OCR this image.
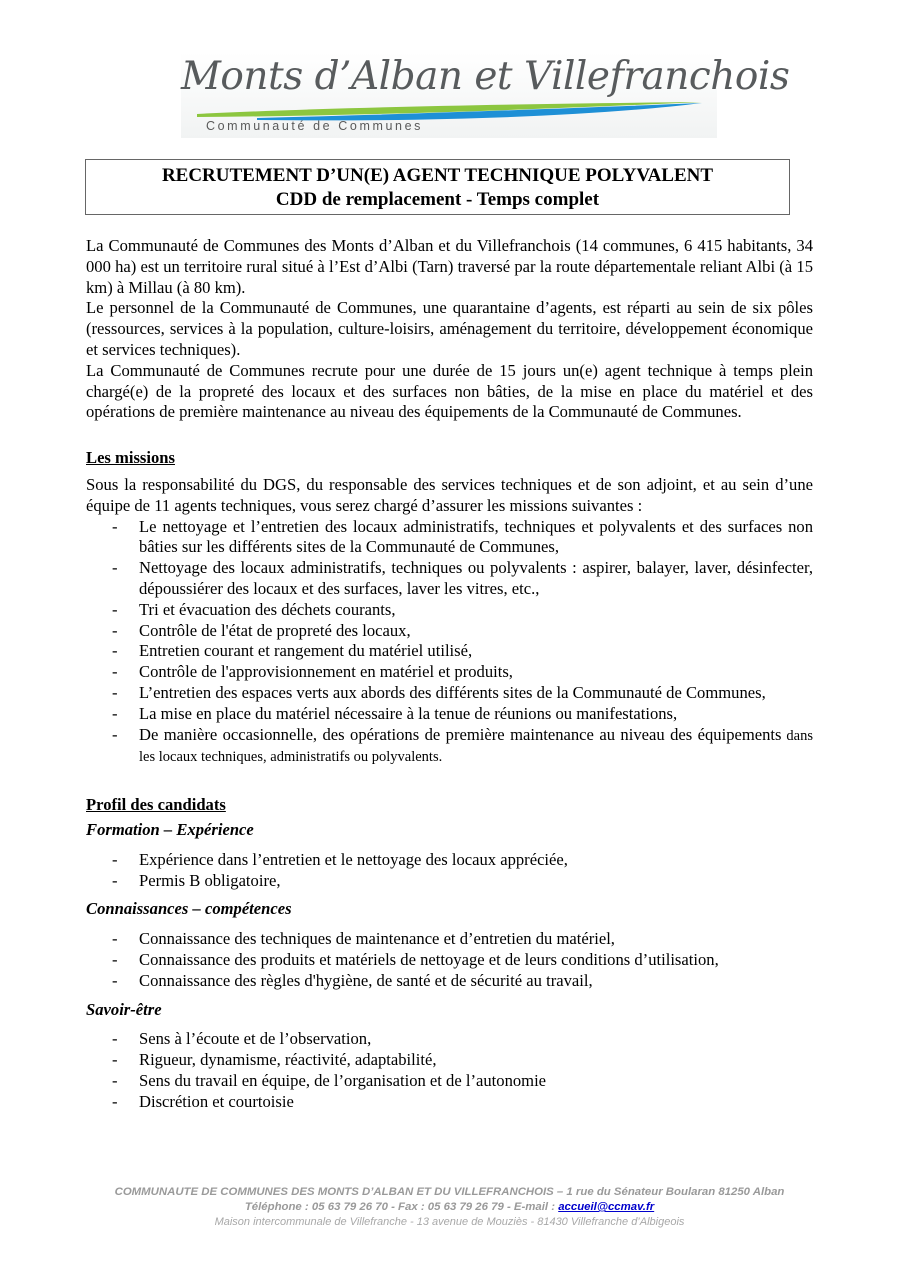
Monts d’Alban et Villefranchois
Communauté de Communes
RECRUTEMENT D’UN(E) AGENT TECHNIQUE POLYVALENT
CDD de remplacement - Temps complet

La Communauté de Communes des Monts d’Alban et du Villefranchois (14 communes, 6 415 habitants, 34 000 ha) est un territoire rural situé à l’Est d’Albi (Tarn) traversé par la route départementale reliant Albi (à 15 km) à Millau (à 80 km).

Le personnel de la Communauté de Communes, une quarantaine d’agents, est réparti au sein de six pôles (ressources, services à la population, culture-loisirs, aménagement du territoire, développement économique et services techniques).

La Communauté de Communes recrute pour une durée de 15 jours un(e) agent technique à temps plein chargé(e) de la propreté des locaux et des surfaces non bâties, de la mise en place du matériel et des opérations de première maintenance au niveau des équipements de la Communauté de Communes.

Les missions

Sous la responsabilité du DGS, du responsable des services techniques et de son adjoint, et au sein d’une équipe de 11 agents techniques, vous serez chargé d’assurer les missions suivantes :

- Le nettoyage et l’entretien des locaux administratifs, techniques et polyvalents et des surfaces non bâties sur les différents sites de la Communauté de Communes,
- Nettoyage des locaux administratifs, techniques ou polyvalents : aspirer, balayer, laver, désinfecter, dépoussiérer des locaux et des surfaces, laver les vitres, etc.,
- Tri et évacuation des déchets courants,
- Contrôle de l'état de propreté des locaux,
- Entretien courant et rangement du matériel utilisé,
- Contrôle de l'approvisionnement en matériel et produits,
- L’entretien des espaces verts aux abords des différents sites de la Communauté de Communes,
- La mise en place du matériel nécessaire à la tenue de réunions ou manifestations,
- De manière occasionnelle, des opérations de première maintenance au niveau des équipements dans les locaux techniques, administratifs ou polyvalents.

Profil des candidats

Formation – Expérience

- Expérience dans l’entretien et le nettoyage des locaux appréciée,
- Permis B obligatoire,

Connaissances – compétences

- Connaissance des techniques de maintenance et d’entretien du matériel,
- Connaissance des produits et matériels de nettoyage et de leurs conditions d’utilisation,
- Connaissance des règles d'hygiène, de santé et de sécurité au travail,

Savoir-être

- Sens à l’écoute et de l’observation,
- Rigueur, dynamisme, réactivité, adaptabilité,
- Sens du travail en équipe, de l’organisation et de l’autonomie
- Discrétion et courtoisie
COMMUNAUTE DE COMMUNES DES MONTS D’ALBAN ET DU VILLEFRANCHOIS – 1 rue du Sénateur Boularan 81250 Alban
Téléphone : 05 63 79 26 70 - Fax : 05 63 79 26 79 - E-mail : accueil@ccmav.fr
Maison intercommunale de Villefranche - 13 avenue de Mouziès - 81430 Villefranche d’Albigeois
